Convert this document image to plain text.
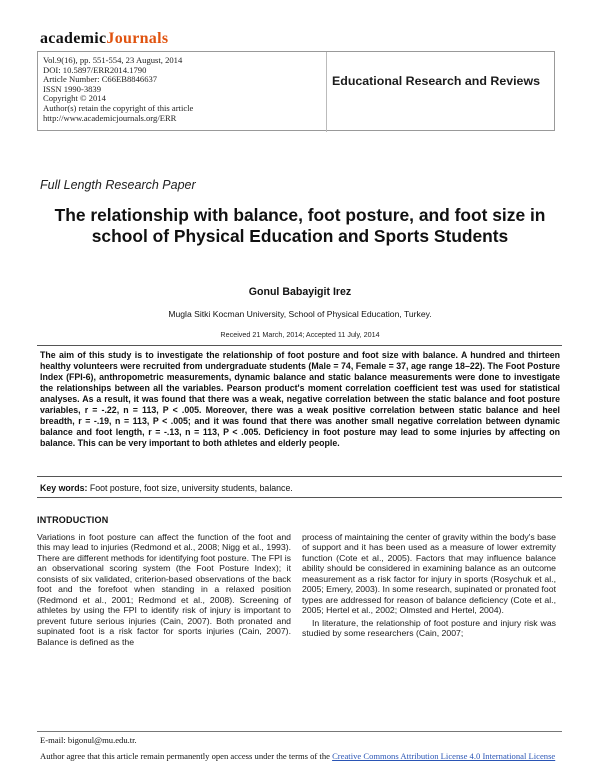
academicJournals
Vol.9(16), pp. 551-554, 23 August, 2014
DOI: 10.5897/ERR2014.1790
Article Number: C66EB8846637
ISSN 1990-3839
Copyright © 2014
Author(s) retain the copyright of this article
http://www.academicjournals.org/ERR
Educational Research and Reviews
Full Length Research Paper
The relationship with balance, foot posture, and foot size in school of Physical Education and Sports Students
Gonul Babayigit Irez
Mugla Sitki Kocman University, School of Physical Education, Turkey.
Received 21 March, 2014; Accepted 11 July, 2014
The aim of this study is to investigate the relationship of foot posture and foot size with balance. A hundred and thirteen healthy volunteers were recruited from undergraduate students (Male = 74, Female = 37, age range 18–22). The Foot Posture Index (FPI-6), anthropometric measurements, dynamic balance and static balance measurements were done to investigate the relationships between all the variables. Pearson product's moment correlation coefficient test was used for statistical analyses. As a result, it was found that there was a weak, negative correlation between the static balance and foot posture variables, r = -.22, n = 113, P < .005. Moreover, there was a weak positive correlation between static balance and heel breadth, r = -.19, n = 113, P < .005; and it was found that there was another small negative correlation between dynamic balance and foot length, r = -.13, n = 113, P < .005. Deficiency in foot posture may lead to some injuries by affecting on balance. This can be very important to both athletes and elderly people.
Key words: Foot posture, foot size, university students, balance.
INTRODUCTION

Variations in foot posture can affect the function of the foot and this may lead to injuries (Redmond et al., 2008; Nigg et al., 1993). There are different methods for identifying foot posture. The FPI is an observational scoring system (the Foot Posture Index); it consists of six validated, criterion-based observations of the back foot and the forefoot when standing in a relaxed position (Redmond et al., 2001; Redmond et al., 2008). Screening of athletes by using the FPI to identify risk of injury is important to prevent future serious injuries (Cain, 2007). Both pronated and supinated foot is a risk factor for sports injuries (Cain, 2007). Balance is defined as the

process of maintaining the center of gravity within the body's base of support and it has been used as a measure of lower extremity function (Cote et al., 2005). Factors that may influence balance ability should be considered in examining balance as an outcome measurement as a risk factor for injury in sports (Rosychuk et al., 2005; Emery, 2003). In some research, supinated or pronated foot types are addressed for reason of balance deficiency (Cote et al., 2005; Hertel et al., 2002; Olmsted and Hertel, 2004).

In literature, the relationship of foot posture and injury risk was studied by some researchers (Cain, 2007;

E-mail: bigonul@mu.edu.tr.
Author agree that this article remain permanently open access under the terms of the Creative Commons Attribution License 4.0 International License
